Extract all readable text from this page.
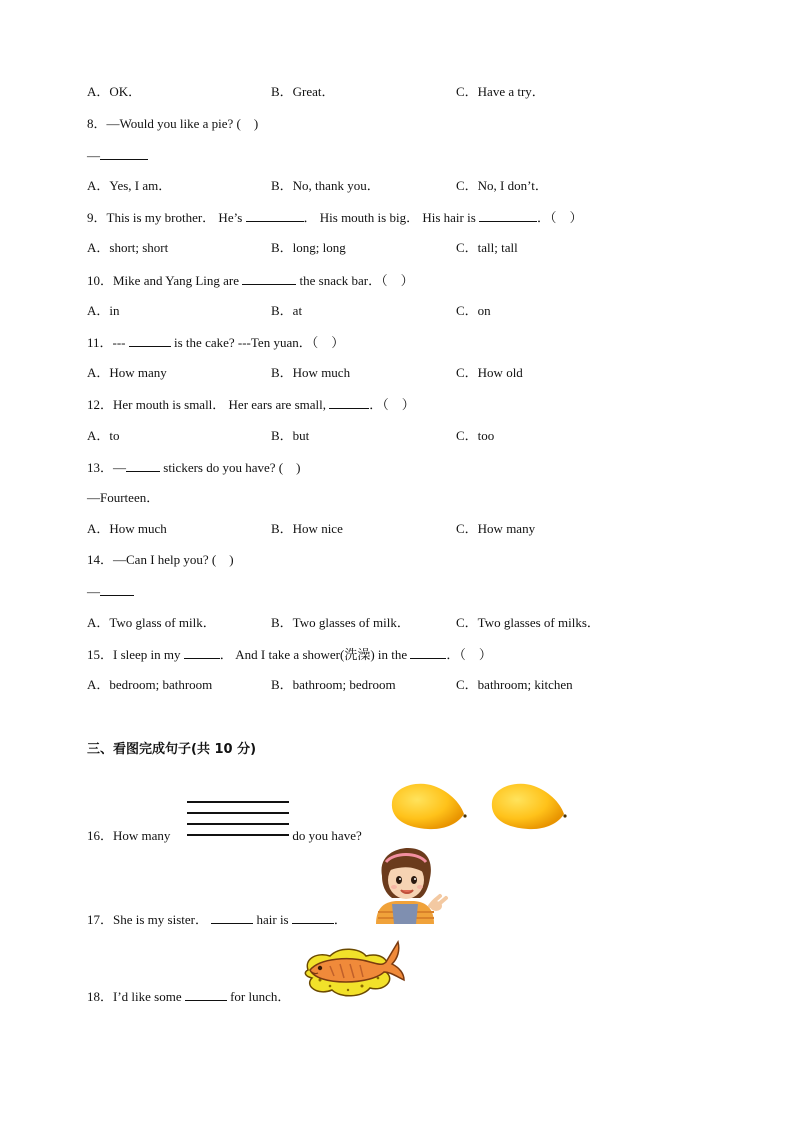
A．OK．	B．Great．	C．Have a try．
8．—Would you like a pie? (　)
—
A．Yes, I am．	B．No, thank you．	C．No, I don’t．
9．This is my brother． He’s	． His mouth is big． His hair is	．（　）
A．short; short	B．long; long	C．tall; tall
10．Mike and Yang Ling are	the snack bar．（　）
A．in	B．at	C．on
11．---	is the cake? ---Ten yuan．（　）
A．How many	B．How much	C．How old
12．Her mouth is small． Her ears are small,	．（　）
A．to	B．but	C．too
13．—	stickers do you have? (　)
—Fourteen．
A．How much	B．How nice	C．How many
14．—Can I help you? (　)
—
A．Two glass of milk．	B．Two glasses of milk．	C．Two glasses of milks．
15．I sleep in my	． And I take a shower(洗澡) in the	．（　）
A．bedroom; bathroom	B．bathroom; bedroom	C．bathroom; kitchen
三、看图完成句子(共 10 分)
16．How many	do you have?
17．She is my sister．	hair is	．
18．I’d like some	for lunch．
